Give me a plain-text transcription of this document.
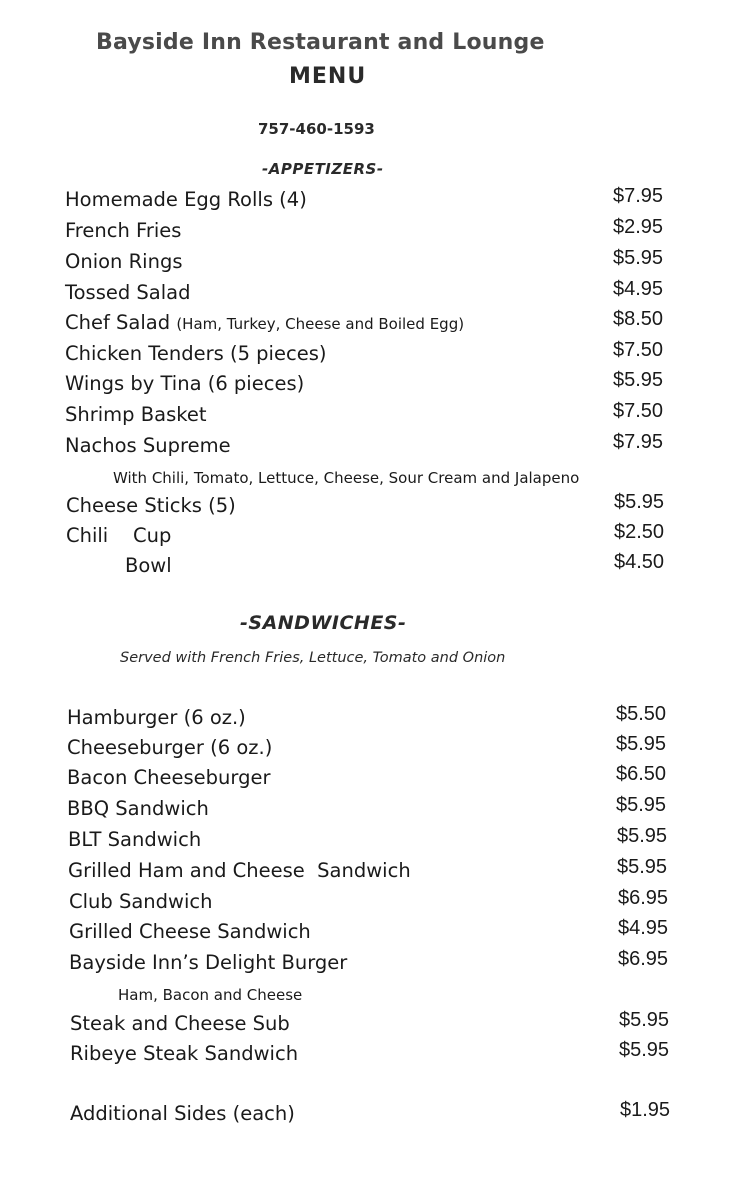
Bayside Inn Restaurant and Lounge
MENU
757-460-1593
-APPETIZERS-
Homemade Egg Rolls (4)	$7.95
French Fries	$2.95
Onion Rings	$5.95
Tossed Salad	$4.95
Chef Salad (Ham, Turkey, Cheese and Boiled Egg)	$8.50
Chicken Tenders (5 pieces)	$7.50
Wings by Tina (6 pieces)	$5.95
Shrimp Basket	$7.50
Nachos Supreme	$7.95
With Chili, Tomato, Lettuce, Cheese, Sour Cream and Jalapeno
Cheese Sticks (5)	$5.95
Chili    Cup	$2.50
Bowl	$4.50
-SANDWICHES-
Served with French Fries, Lettuce, Tomato and Onion
Hamburger (6 oz.)	$5.50
Cheeseburger (6 oz.)	$5.95
Bacon Cheeseburger	$6.50
BBQ Sandwich	$5.95
BLT Sandwich	$5.95
Grilled Ham and Cheese  Sandwich	$5.95
Club Sandwich	$6.95
Grilled Cheese Sandwich	$4.95
Bayside Inn’s Delight Burger	$6.95
Ham, Bacon and Cheese
Steak and Cheese Sub	$5.95
Ribeye Steak Sandwich	$5.95
Additional Sides (each)	$1.95
